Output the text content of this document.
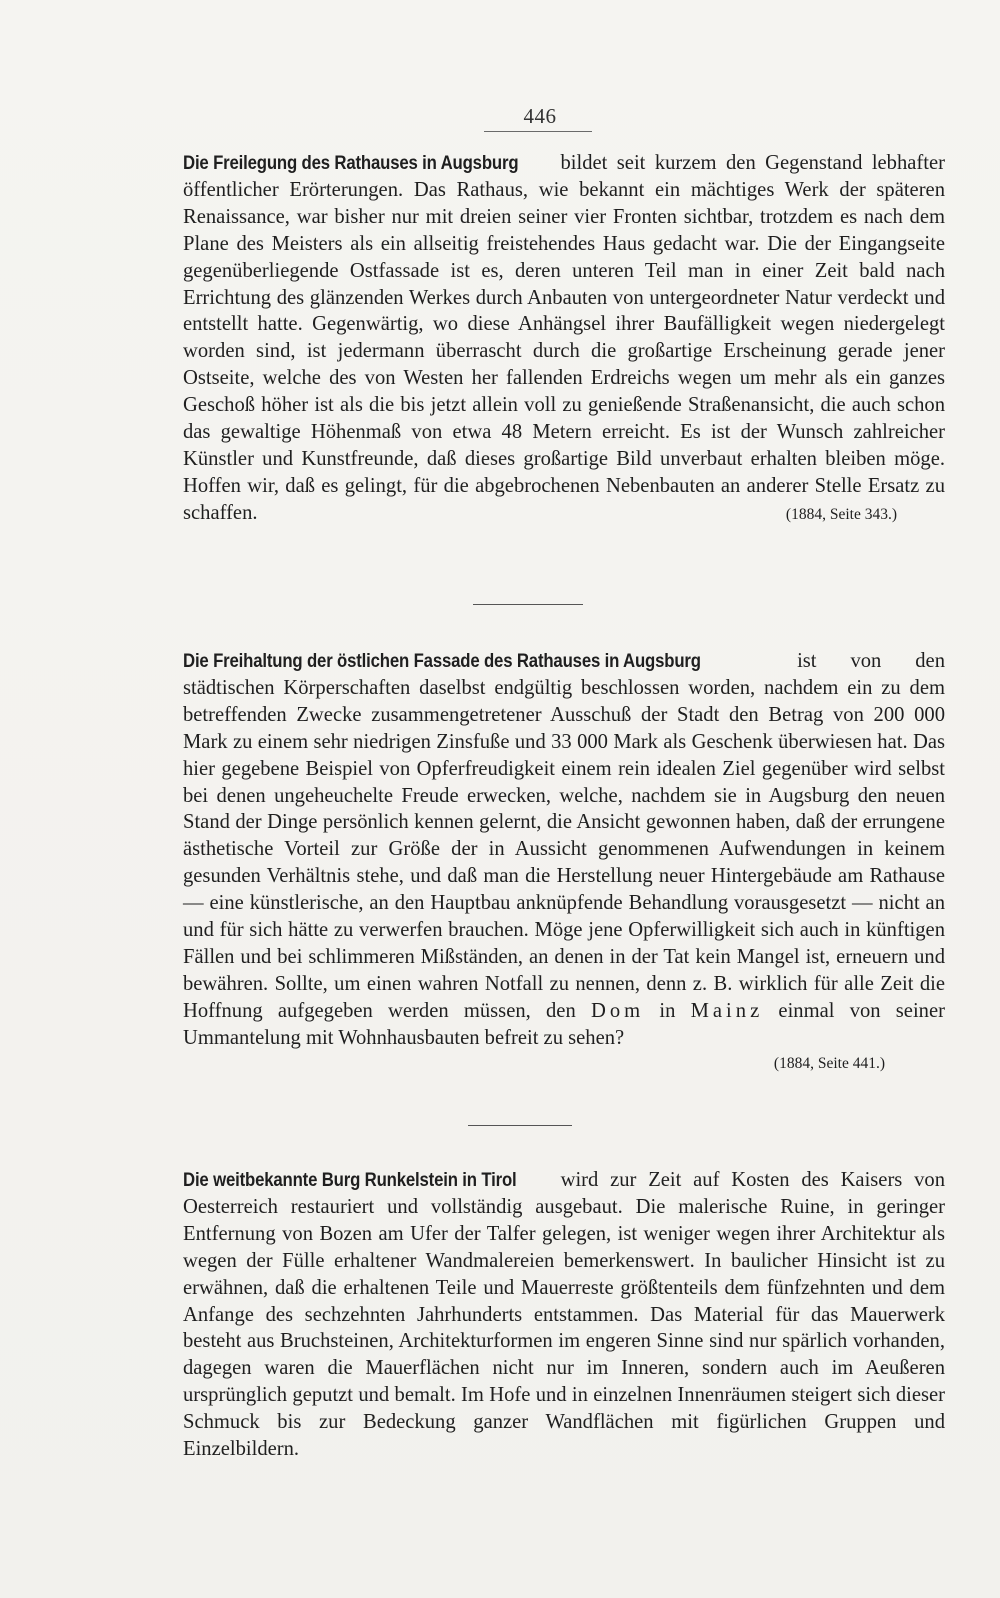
446

Die Freilegung des Rathauses in Augsburg bildet seit kurzem den Gegenstand lebhafter öffentlicher Erörterungen. Das Rathaus, wie bekannt ein mächtiges Werk der späteren Renaissance, war bisher nur mit dreien seiner vier Fronten sichtbar, trotzdem es nach dem Plane des Meisters als ein allseitig freistehendes Haus gedacht war. Die der Eingangseite gegenüberliegende Ostfassade ist es, deren unteren Teil man in einer Zeit bald nach Errichtung des glänzenden Werkes durch Anbauten von untergeordneter Natur verdeckt und entstellt hatte. Gegenwärtig, wo diese Anhängsel ihrer Baufälligkeit wegen niedergelegt worden sind, ist jedermann überrascht durch die großartige Erscheinung gerade jener Ostseite, welche des von Westen her fallenden Erdreichs wegen um mehr als ein ganzes Geschoß höher ist als die bis jetzt allein voll zu genießende Straßenansicht, die auch schon das gewaltige Höhenmaß von etwa 48 Metern erreicht. Es ist der Wunsch zahlreicher Künstler und Kunstfreunde, daß dieses großartige Bild unverbaut erhalten bleiben möge. Hoffen wir, daß es gelingt, für die abgebrochenen Nebenbauten an anderer Stelle Ersatz zu schaffen.	(1884, Seite 343.)

Die Freihaltung der östlichen Fassade des Rathauses in Augsburg	ist von den städtischen Körperschaften daselbst endgültig beschlossen worden, nachdem ein zu dem betreffenden Zwecke zusammengetretener Ausschuß der Stadt den Betrag von 200 000 Mark zu einem sehr niedrigen Zinsfuße und 33 000 Mark als Geschenk überwiesen hat. Das hier gegebene Beispiel von Opferfreudigkeit einem rein idealen Ziel gegenüber wird selbst bei denen ungeheuchelte Freude erwecken, welche, nachdem sie in Augsburg den neuen Stand der Dinge persönlich kennen gelernt, die Ansicht gewonnen haben, daß der errungene ästhetische Vorteil zur Größe der in Aussicht genommenen Aufwendungen in keinem gesunden Verhältnis stehe, und daß man die Herstellung neuer Hintergebäude am Rathause — eine künstlerische, an den Hauptbau anknüpfende Behandlung vorausgesetzt — nicht an und für sich hätte zu verwerfen brauchen. Möge jene Opferwilligkeit sich auch in künftigen Fällen und bei schlimmeren Mißständen, an denen in der Tat kein Mangel ist, erneuern und bewähren. Sollte, um einen wahren Notfall zu nennen, denn z. B. wirklich für alle Zeit die Hoffnung aufgegeben werden müssen, den Dom in Mainz einmal von seiner Ummantelung mit Wohnhausbauten befreit zu sehen?

(1884, Seite 441.)

Die weitbekannte Burg Runkelstein in Tirol wird zur Zeit auf Kosten des Kaisers von Oesterreich restauriert und vollständig ausgebaut. Die malerische Ruine, in geringer Entfernung von Bozen am Ufer der Talfer gelegen, ist weniger wegen ihrer Architektur als wegen der Fülle erhaltener Wandmalereien bemerkenswert. In baulicher Hinsicht ist zu erwähnen, daß die erhaltenen Teile und Mauerreste größtenteils dem fünfzehnten und dem Anfange des sechzehnten Jahrhunderts entstammen. Das Material für das Mauerwerk besteht aus Bruchsteinen, Architekturformen im engeren Sinne sind nur spärlich vorhanden, dagegen waren die Mauerflächen nicht nur im Inneren, sondern auch im Aeußeren ursprünglich geputzt und bemalt. Im Hofe und in einzelnen Innenräumen steigert sich dieser Schmuck bis zur Bedeckung ganzer Wandflächen mit figürlichen Gruppen und Einzelbildern.
